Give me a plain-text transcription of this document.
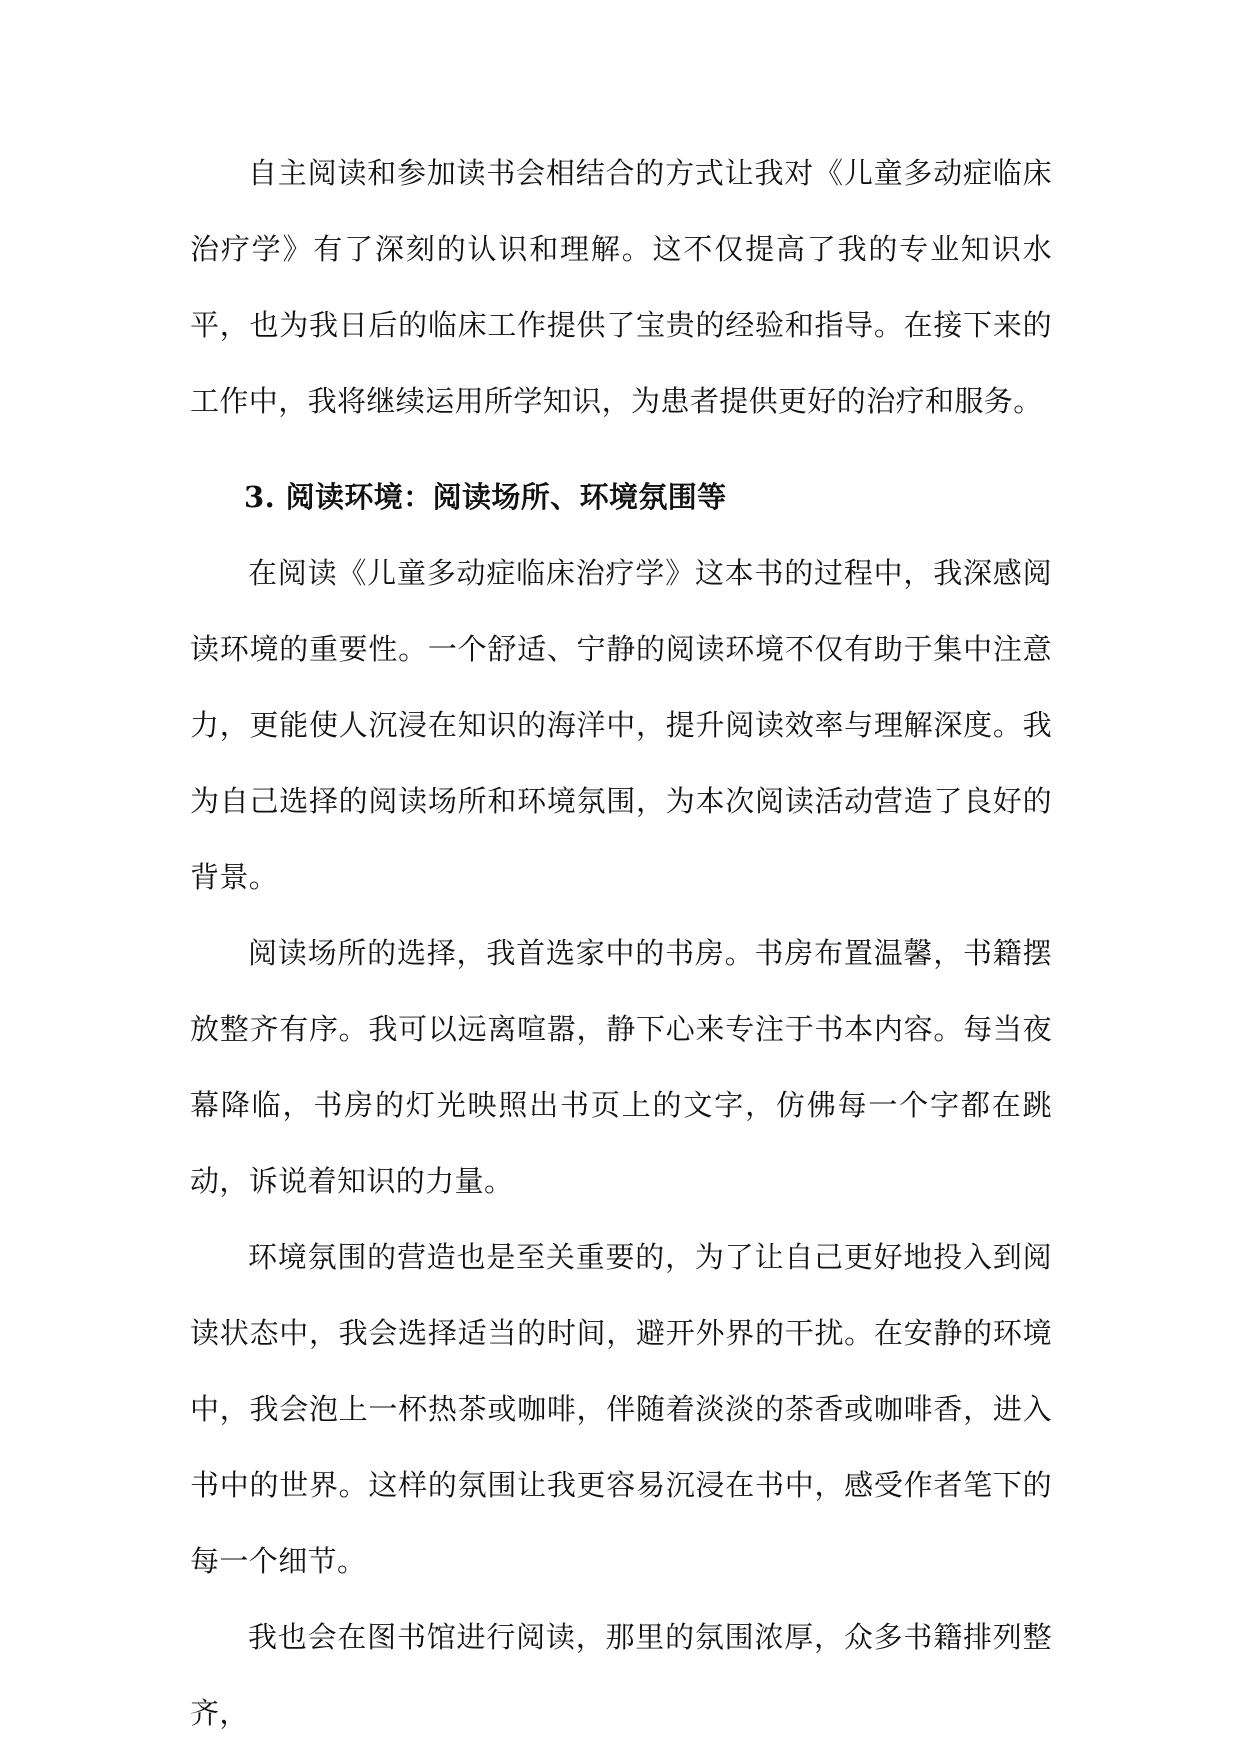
自主阅读和参加读书会相结合的方式让我对《儿童多动症临床治疗学》有了深刻的认识和理解。这不仅提高了我的专业知识水平，也为我日后的临床工作提供了宝贵的经验和指导。在接下来的工作中，我将继续运用所学知识，为患者提供更好的治疗和服务。

3. 阅读环境：阅读场所、环境氛围等

在阅读《儿童多动症临床治疗学》这本书的过程中，我深感阅读环境的重要性。一个舒适、宁静的阅读环境不仅有助于集中注意力，更能使人沉浸在知识的海洋中，提升阅读效率与理解深度。我为自己选择的阅读场所和环境氛围，为本次阅读活动营造了良好的背景。

阅读场所的选择，我首选家中的书房。书房布置温馨，书籍摆放整齐有序。我可以远离喧嚣，静下心来专注于书本内容。每当夜幕降临，书房的灯光映照出书页上的文字，仿佛每一个字都在跳动，诉说着知识的力量。

环境氛围的营造也是至关重要的，为了让自己更好地投入到阅读状态中，我会选择适当的时间，避开外界的干扰。在安静的环境中，我会泡上一杯热茶或咖啡，伴随着淡淡的茶香或咖啡香，进入书中的世界。这样的氛围让我更容易沉浸在书中，感受作者笔下的每一个细节。

我也会在图书馆进行阅读，那里的氛围浓厚，众多书籍排列整齐，
